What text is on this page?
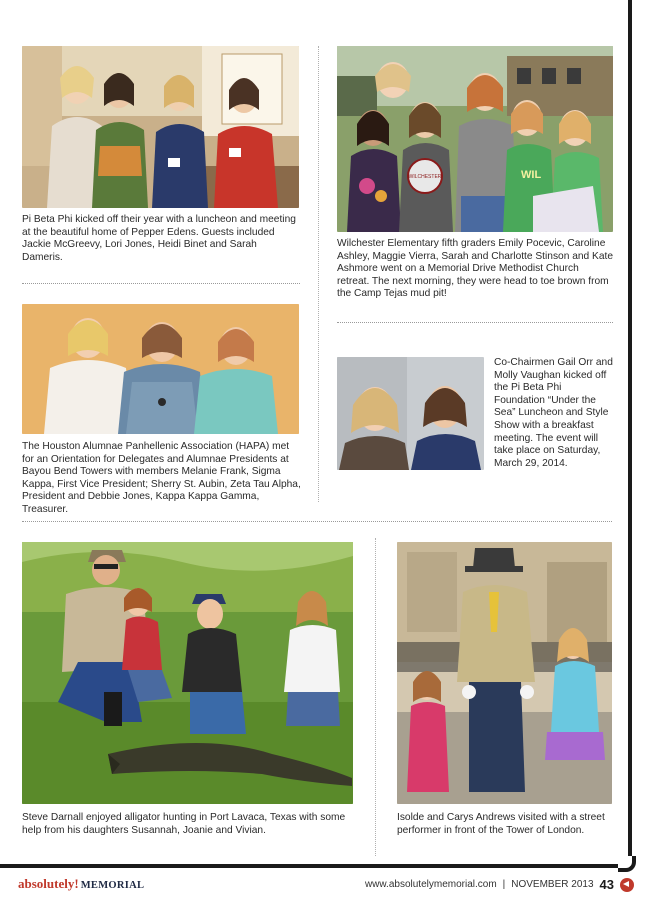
Pi Beta Phi kicked off their year with a luncheon and meeting at the beautiful home of Pepper Edens. Guests included Jackie McGreevy, Lori Jones, Heidi Binet and Sarah Dameris.

WILCHESTER	WIL

Wilchester Elementary fifth graders Emily Pocevic, Caroline Ashley, Maggie Vierra, Sarah and Charlotte Stinson and Kate Ashmore went on a Memorial Drive Methodist Church retreat. The next morning, they were head to toe brown from the Camp Tejas mud pit!

The Houston Alumnae Panhellenic Association (HAPA) met for an Orientation for Delegates and Alumnae Presidents at Bayou Bend Towers with members Melanie Frank, Sigma Kappa, First Vice President; Sherry St. Aubin, Zeta Tau Alpha, President and Debbie Jones, Kappa Kappa Gamma, Treasurer.

Co-Chairmen Gail Orr and Molly Vaughan kicked off the Pi Beta Phi Foundation “Under the Sea” Luncheon and Style Show with a breakfast meeting. The event will take place on Saturday, March 29, 2014.

Steve Darnall enjoyed alligator hunting in Port Lavaca, Texas with some help from his daughters Susannah, Joanie and Vivian.

Isolde and Carys Andrews visited with a street performer in front of the Tower of London.

absolutely! MEMORIAL	www.absolutelymemorial.com | NOVEMBER 2013 43
